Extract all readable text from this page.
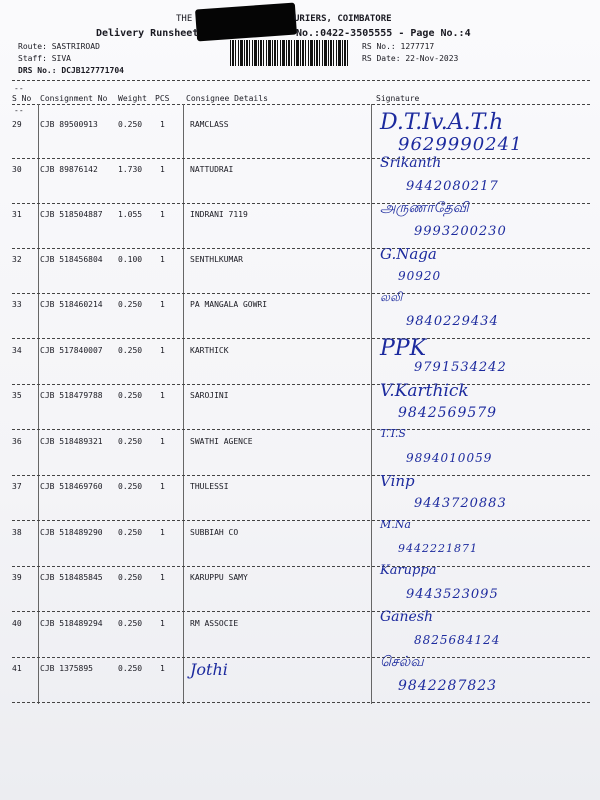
THE	URIERS, COIMBATORE
Delivery Runsheet	No.:0422-3505555 - Page No.:4
Route: SASTRIROAD
Staff: SIVA
DRS No.: DCJB127771704
RS No.: 1277717
RS Date: 22-Nov-2023
--
S No Consignment No Weight PCS Consignee Details	Signature
--
29 CJB 89500913	0.250 1	RAMCLASS	D.T.Iv.A.T.h
9629990241
30 CJB 89876142	1.730 1	NATTUDRAI	Srikanth
9442080217
31 CJB 518504887 1.055 1	INDRANI 7119	அருணாதேவி
9993200230
32 CJB 518456804 0.100 1	SENTHLKUMAR	G.Naga
90920
33 CJB 518460214 0.250 1	PA MANGALA GOWRI
லலி
9840229434
34 CJB 517840007 0.250 1	KARTHICK	PPK
9791534242
35 CJB 518479788 0.250 1	SAROJINI	V.Karthick
9842569579
36 CJB 518489321 0.250 1	SWATHI AGENCE
T.T.S
9894010059
37 CJB 518469760 0.250 1	THULESSI	Vinp
9443720883
38 CJB 518489290 0.250 1	SUBBIAH CO
M.Na
9442221871
39 CJB 518485845 0.250 1	KARUPPU SAMY	Karuppa
9443523095
40 CJB 518489294 0.250 1	RM ASSOCIE	Ganesh
8825684124
41 CJB 1375895	0.250 1 Jothi	செல்வ
9842287823
